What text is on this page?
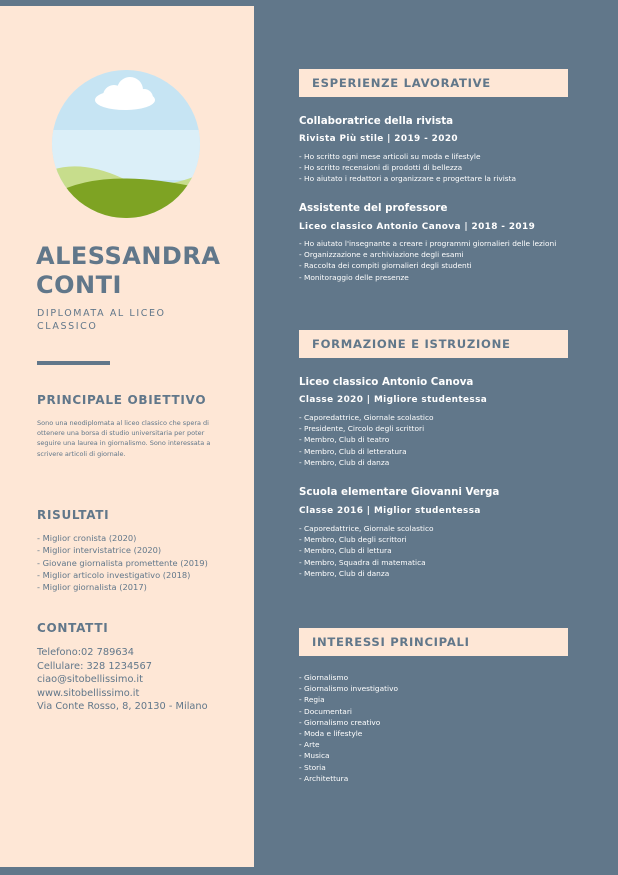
ALESSANDRA
CONTI
DIPLOMATA AL LICEO CLASSICO
PRINCIPALE OBIETTIVO
Sono una neodiplomata al liceo classico che spera di ottenere una borsa di studio universitaria per poter seguire una laurea in giornalismo. Sono interessata a scrivere articoli di giornale.
RISULTATI
- Miglior cronista (2020)
- Miglior intervistatrice (2020)
- Giovane giornalista promettente (2019)
- Miglior articolo investigativo (2018)
- Miglior giornalista (2017)
CONTATTI
Telefono:02 789634
Cellulare: 328 1234567
ciao@sitobellissimo.it
www.sitobellissimo.it
Via Conte Rosso, 8, 20130 - Milano
ESPERIENZE LAVORATIVE
Collaboratrice della rivista
Rivista Più stile | 2019 - 2020
- Ho scritto ogni mese articoli su moda e lifestyle
- Ho scritto recensioni di prodotti di bellezza
- Ho aiutato i redattori a organizzare e progettare la rivista
Assistente del professore
Liceo classico Antonio Canova | 2018 - 2019
- Ho aiutato l'insegnante a creare i programmi giornalieri delle lezioni
- Organizzazione e archiviazione degli esami
- Raccolta dei compiti giornalieri degli studenti
- Monitoraggio delle presenze
FORMAZIONE E ISTRUZIONE
Liceo classico Antonio Canova
Classe 2020 | Migliore studentessa
- Caporedattrice, Giornale scolastico
- Presidente, Circolo degli scrittori
- Membro, Club di teatro
- Membro, Club di letteratura
- Membro, Club di danza
Scuola elementare Giovanni Verga
Classe 2016 | Miglior studentessa
- Caporedattrice, Giornale scolastico
- Membro, Club degli scrittori
- Membro, Club di lettura
- Membro, Squadra di matematica
- Membro, Club di danza
INTERESSI PRINCIPALI
- Giornalismo
- Giornalismo investigativo
- Regia
- Documentari
- Giornalismo creativo
- Moda e lifestyle
- Arte
- Musica
- Storia
- Architettura
